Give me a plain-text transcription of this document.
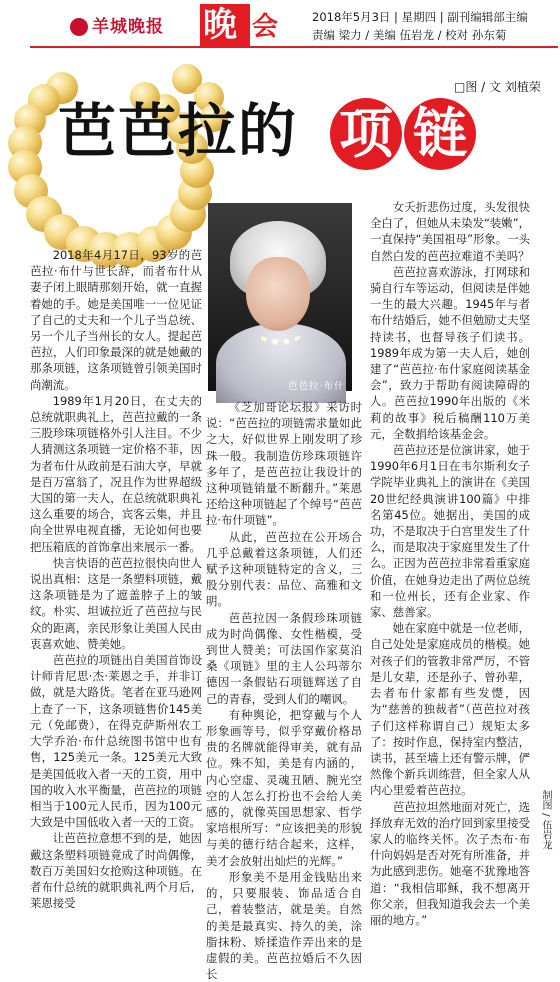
羊城晚报	晚 会	2018年5月3日 | 星期四 | 副刊编辑部主编
责编 梁力 / 美编 伍岩龙 / 校对 孙东菊
□图 / 文 刘植荣
芭芭拉的 项 链
芭芭拉·布什

2018年4月17日，93岁的芭芭拉·布什与世长辞，而者布什从妻子闭上眼睛那刻开始，就一直握着她的手。她是美国唯一一位见证了自己的丈夫和一个儿子当总统、另一个儿子当州长的女人。提起芭芭拉，人们印象最深的就是她戴的那条项链，这条项链曾引领美国时尚潮流。

1989年1月20日，在丈夫的总统就职典礼上，芭芭拉戴的一条三股珍珠项链格外引人注目。不少人猜测这条项链一定价格不菲，因为者布什从政前是石油大亨，早就是百万富翁了，况且作为世界超级大国的第一夫人，在总统就职典礼这么重要的场合，宾客云集，并且向全世界电视直播，无论如何也要把压箱底的首饰拿出来展示一番。

快言快语的芭芭拉很快向世人说出真相：这是一条塑料项链，戴这条项链是为了遮盖脖子上的皱纹。朴实、坦诚拉近了芭芭拉与民众的距离，亲民形象让美国人民由衷喜欢她、赞美她。

芭芭拉的项链出自美国首饰设计师肯尼思·杰·莱恩之手，并非订做，就是大路货。笔者在亚马逊网上查了一下，这条项链售价145美元（免邮费），在得克萨斯州农工大学乔治·布什总统图书馆中也有售，125美元一条。125美元大致是美国低收入者一天的工资，用中国的收入水平衡量，芭芭拉的项链相当于100元人民币，因为100元大致是中国低收入者一天的工资。

让芭芭拉意想不到的是，她因戴这条塑料项链竟成了时尚偶像，数百万美国妇女抢购这种项链。在者布什总统的就职典礼两个月后，莱恩接受

《芝加哥论坛报》采访时说：“芭芭拉的项链需求量如此之大，好似世界上刚发明了珍珠一般。我制造仿珍珠项链许多年了，是芭芭拉让我设计的这种项链销量不断翻升。”莱恩还给这种项链起了个绰号“芭芭拉·布什项链”。

从此，芭芭拉在公开场合几乎总戴着这条项链，人们还赋予这种项链特定的含义，三股分别代表：品位、高雅和文明。

芭芭拉因一条假珍珠项链成为时尚偶像、女性楷模，受到世人赞美；可法国作家莫泊桑《项链》里的主人公玛蒂尔德因一条假钻石项链辉送了自己的青春，受到人们的嘲讽。

有种舆论，把穿戴与个人形象画等号，似乎穿戴价格昂贵的名牌就能得审美，就有品位。殊不知，美是有内涵的，内心空虚、灵魂丑陋、腕光空空的人怎么打扮也不会给人美感的，就像英国思想家、哲学家培根所写：“应该把美的形貌与美的德行结合起来，这样，美才会放射出灿烂的光辉。”

形象美不是用金钱贴出来的，只要服装、饰品适合自己，着装整洁，就是美。自然的美是最真实、持久的美，涂脂抹粉、矫揉造作弄出来的是虚假的美。芭芭拉婚后不久因长

女夭折悲伤过度，头发很快全白了，但她从未染发“装嫩”，一直保持“美国祖母”形象。一头自然白发的芭芭拉难道不美吗？

芭芭拉喜欢游泳，打网球和骑自行车等运动，但阅读是伴她一生的最大兴趣。1945年与者布什结婚后，她不但勉励丈夫坚持读书，也督导孩子们读书。1989年成为第一夫人后，她创建了“芭芭拉·布什家庭阅读基金会”，致力于帮助有阅读障碍的人。芭芭拉1990年出版的《米莉的故事》税后稿酬110万美元，全数捐给该基金会。

芭芭拉还是位演讲家，她于1990年6月1日在韦尔斯利女子学院毕业典礼上的演讲在《美国20世纪经典演讲100篇》中排名第45位。她据出，美国的成功，不是取决于白宫里发生了什么，而是取决于家庭里发生了什么。正因为芭芭拉非常看重家庭价值，在她身边走出了两位总统和一位州长，还有企业家、作家、慈善家。

她在家庭中就是一位老师，自己处处是家庭成员的楷模。她对孩子们的管教非常严厉，不管是儿女辈，还是孙子、曾孙辈，去者布什家都有些发憷，因为“慈善的独裁者”（芭芭拉对孩子们这样称谓自己）规矩太多了：按时作息，保持室内整洁，读书，甚至墙上还有警示牌，俨然像个新兵训练营，但全家人从内心里爱着芭芭拉。

芭芭拉坦然地面对死亡，选择放弃无效的治疗回到家里接受家人的临终关怀。次子杰布·布什向妈妈是否对死有所准备，并为此感到悲伤。她毫不犹豫地答道：“我相信耶稣，我不想离开你父亲，但我知道我会去一个美丽的地方。”

制图 / 伍岩龙
